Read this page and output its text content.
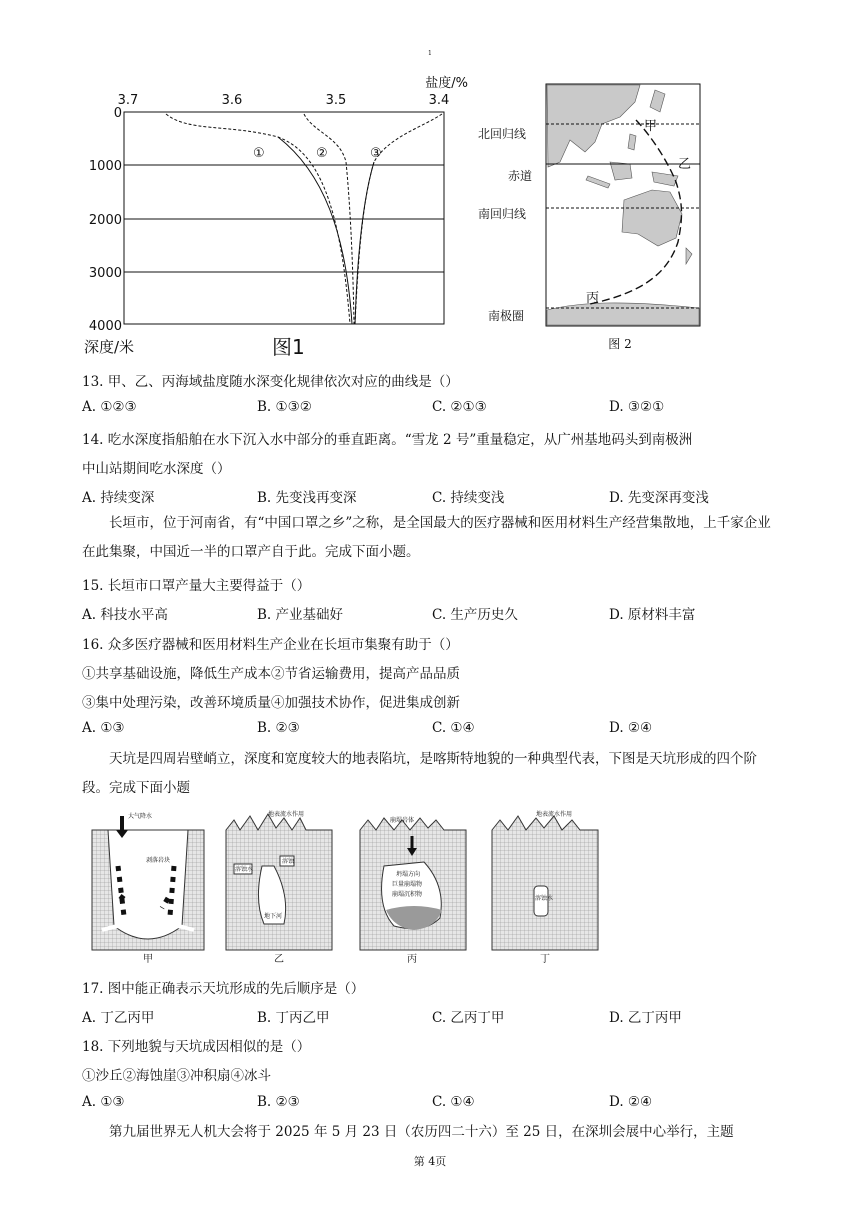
1
盐度/%
3.7	3.6	3.5	3.4
0
1000
2000
3000
4000
①	②	③
深度/米	图1
北回归线
赤道
南回归线
南极圈
甲
乙
丙
图 2
13. 甲、乙、丙海域盐度随水深变化规律依次对应的曲线是（）
A. ①②③	B. ①③②	C. ②①③	D. ③②①
14. 吃水深度指船舶在水下沉入水中部分的垂直距离。“雪龙 2 号”重量稳定，从广州基地码头到南极洲
中山站期间吃水深度（）
A. 持续变深	B. 先变浅再变深	C. 持续变浅	D. 先变深再变浅
长垣市，位于河南省，有“中国口罩之乡”之称，是全国最大的医疗器械和医用材料生产经营集散地，上千家企业在此集聚，中国近一半的口罩产自于此。完成下面小题。
15. 长垣市口罩产量大主要得益于（）
A. 科技水平高	B. 产业基础好	C. 生产历史久	D. 原材料丰富
16. 众多医疗器械和医用材料生产企业在长垣市集聚有助于（）
①共享基础设施，降低生产成本②节省运输费用，提高产品品质
③集中处理污染，改善环境质量④加强技术协作，促进集成创新
A. ①③	B. ②③	C. ①④	D. ②④
天坑是四周岩壁峭立，深度和宽度较大的地表陷坑，是喀斯特地貌的一种典型代表，下图是天坑形成的四个阶段。完成下面小题
大气降水
剥落岩块
甲
地表流水作用
溶蚀水
溶蚀
地下河
乙
崩塌岩体
坍塌方向
巨量崩塌物
崩塌沉积物
丙
地表流水作用
溶蚀水
丁
17. 图中能正确表示天坑形成的先后顺序是（）
A. 丁乙丙甲	B. 丁丙乙甲	C. 乙丙丁甲	D. 乙丁丙甲
18. 下列地貌与天坑成因相似的是（）
①沙丘②海蚀崖③冲积扇④冰斗
A. ①③	B. ②③	C. ①④	D. ②④
第九届世界无人机大会将于 2025 年 5 月 23 日（农历四二十六）至 25 日，在深圳会展中心举行，主题
第 4页
